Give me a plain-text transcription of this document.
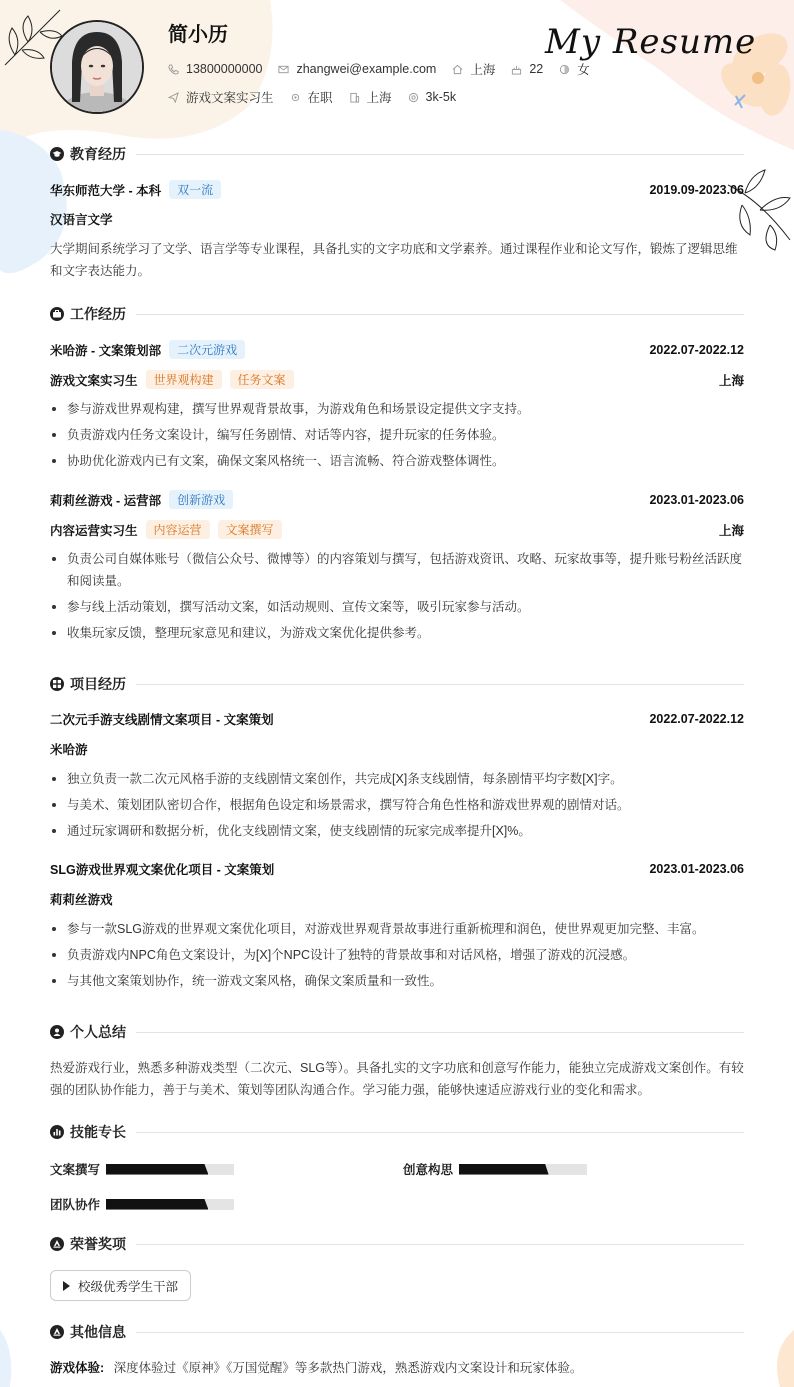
简小历	My Resume
13800000000	zhangwei@example.com	上海	22	女
游戏文案实习生	在职	上海	3k-5k
教育经历
华东师范大学 - 本科	双一流	2019.09-2023.06
汉语言文学
大学期间系统学习了文学、语言学等专业课程，具备扎实的文字功底和文学素养。通过课程作业和论文写作，锻炼了逻辑思维和文字表达能力。
工作经历
米哈游 - 文案策划部	二次元游戏	2022.07-2022.12
游戏文案实习生	世界观构建	任务文案	上海
参与游戏世界观构建，撰写世界观背景故事，为游戏角色和场景设定提供文字支持。
负责游戏内任务文案设计，编写任务剧情、对话等内容，提升玩家的任务体验。
协助优化游戏内已有文案，确保文案风格统一、语言流畅、符合游戏整体调性。
莉莉丝游戏 - 运营部	创新游戏	2023.01-2023.06
内容运营实习生	内容运营	文案撰写	上海
负责公司自媒体账号（微信公众号、微博等）的内容策划与撰写，包括游戏资讯、攻略、玩家故事等，提升账号粉丝活跃度和阅读量。
参与线上活动策划，撰写活动文案，如活动规则、宣传文案等，吸引玩家参与活动。
收集玩家反馈，整理玩家意见和建议，为游戏文案优化提供参考。
项目经历
二次元手游支线剧情文案项目 - 文案策划	2022.07-2022.12
米哈游
独立负责一款二次元风格手游的支线剧情文案创作，共完成[X]条支线剧情，每条剧情平均字数[X]字。
与美术、策划团队密切合作，根据角色设定和场景需求，撰写符合角色性格和游戏世界观的剧情对话。
通过玩家调研和数据分析，优化支线剧情文案，使支线剧情的玩家完成率提升[X]%。
SLG游戏世界观文案优化项目 - 文案策划	2023.01-2023.06
莉莉丝游戏
参与一款SLG游戏的世界观文案优化项目，对游戏世界观背景故事进行重新梳理和润色，使世界观更加完整、丰富。
负责游戏内NPC角色文案设计，为[X]个NPC设计了独特的背景故事和对话风格，增强了游戏的沉浸感。
与其他文案策划协作，统一游戏文案风格，确保文案质量和一致性。
个人总结
热爱游戏行业，熟悉多种游戏类型（二次元、SLG等）。具备扎实的文字功底和创意写作能力，能独立完成游戏文案创作。有较强的团队协作能力，善于与美术、策划等团队沟通合作。学习能力强，能够快速适应游戏行业的变化和需求。
技能专长
文案撰写	创意构思
团队协作
荣誉奖项
校级优秀学生干部
其他信息
游戏体验: 深度体验过《原神》《万国觉醒》等多款热门游戏，熟悉游戏内文案设计和玩家体验。
